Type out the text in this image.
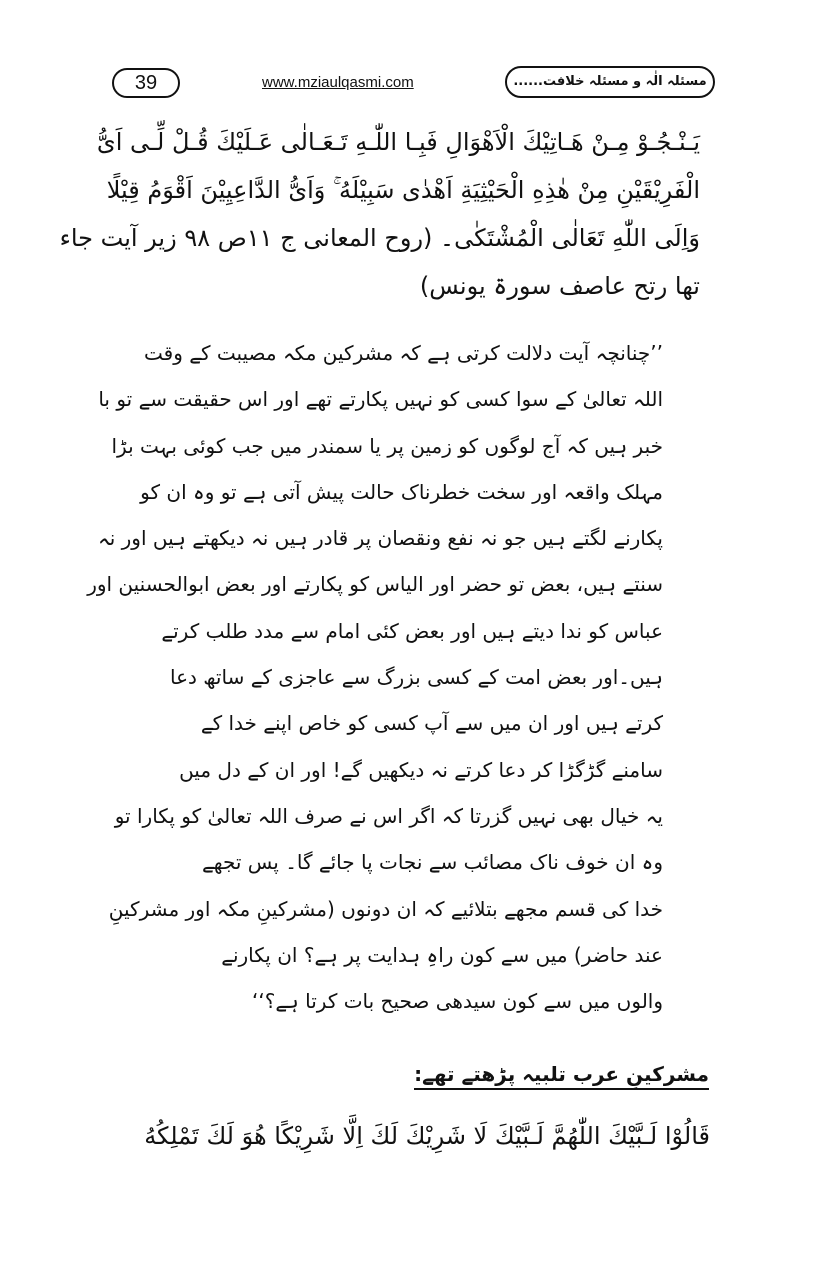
39	www.mziaulqasmi.com	مسئلہ الٰہ و مسئلہ خلافت......
يَـنْـجُـوْ مِـنْ هَـاتِيْكَ الْاَهْوَالِ فَبِـا اللّٰـهِ تَـعَـالٰى عَـلَيْكَ قُـلْ لِّـى اَىُّ
الْفَرِيْقَيْنِ مِنْ هٰذِهِ الْحَيْثِيَةِ اَهْدٰى سَبِيْلَهُ ۚ وَاَىُّ الدَّاعِيِيْنَ اَقْوَمُ قِيْلًا
وَاِلَى اللّٰهِ تَعَالٰى الْمُشْتَكٰى۔ (روح المعانی ج ۱۱ص ۹۸ زیر آیت جاء
تھا رتح عاصف سورۃ یونس)
’’چنانچہ آیت دلالت کرتی ہے کہ مشرکین مکہ مصیبت کے وقت
اللہ تعالیٰ کے سوا کسی کو نہیں پکارتے تھے اور اس حقیقت سے تو با
خبر ہیں کہ آج لوگوں کو زمین پر یا سمندر میں جب کوئی بہت بڑا
مہلک واقعہ اور سخت خطرناک حالت پیش آتی ہے تو وہ ان کو
پکارنے لگتے ہیں جو نہ نفع ونقصان پر قادر ہیں نہ دیکھتے ہیں اور نہ
سنتے ہیں، بعض تو حضر اور الیاس کو پکارتے اور بعض ابوالحسنین اور
عباس کو ندا دیتے ہیں اور بعض کئی امام سے مدد طلب کرتے
ہیں۔اور بعض امت کے کسی بزرگ سے عاجزی کے ساتھ دعا
کرتے ہیں اور ان میں سے آپ کسی کو خاص اپنے خدا کے
سامنے گڑگڑا کر دعا کرتے نہ دیکھیں گے! اور ان کے دل میں
یہ خیال بھی نہیں گزرتا کہ اگر اس نے صرف اللہ تعالیٰ کو پکارا تو
وہ ان خوف ناک مصائب سے نجات پا جائے گا۔ پس تجھے
خدا کی قسم مجھے بتلائیے کہ ان دونوں (مشرکینِ مکہ اور مشرکینِ
عند حاضر) میں سے کون راہِ ہدایت پر ہے؟ ان پکارنے
والوں میں سے کون سیدھی صحیح بات کرتا ہے؟‘‘
مشرکینِ عرب تلبیہ پڑھتے تھے:
قَالُوْا لَـبَّيْكَ اللّٰهُمَّ لَـبَّيْكَ لَا شَرِيْكَ لَكَ اِلَّا شَرِيْكًا هُوَ لَكَ تَمْلِكُهُ
